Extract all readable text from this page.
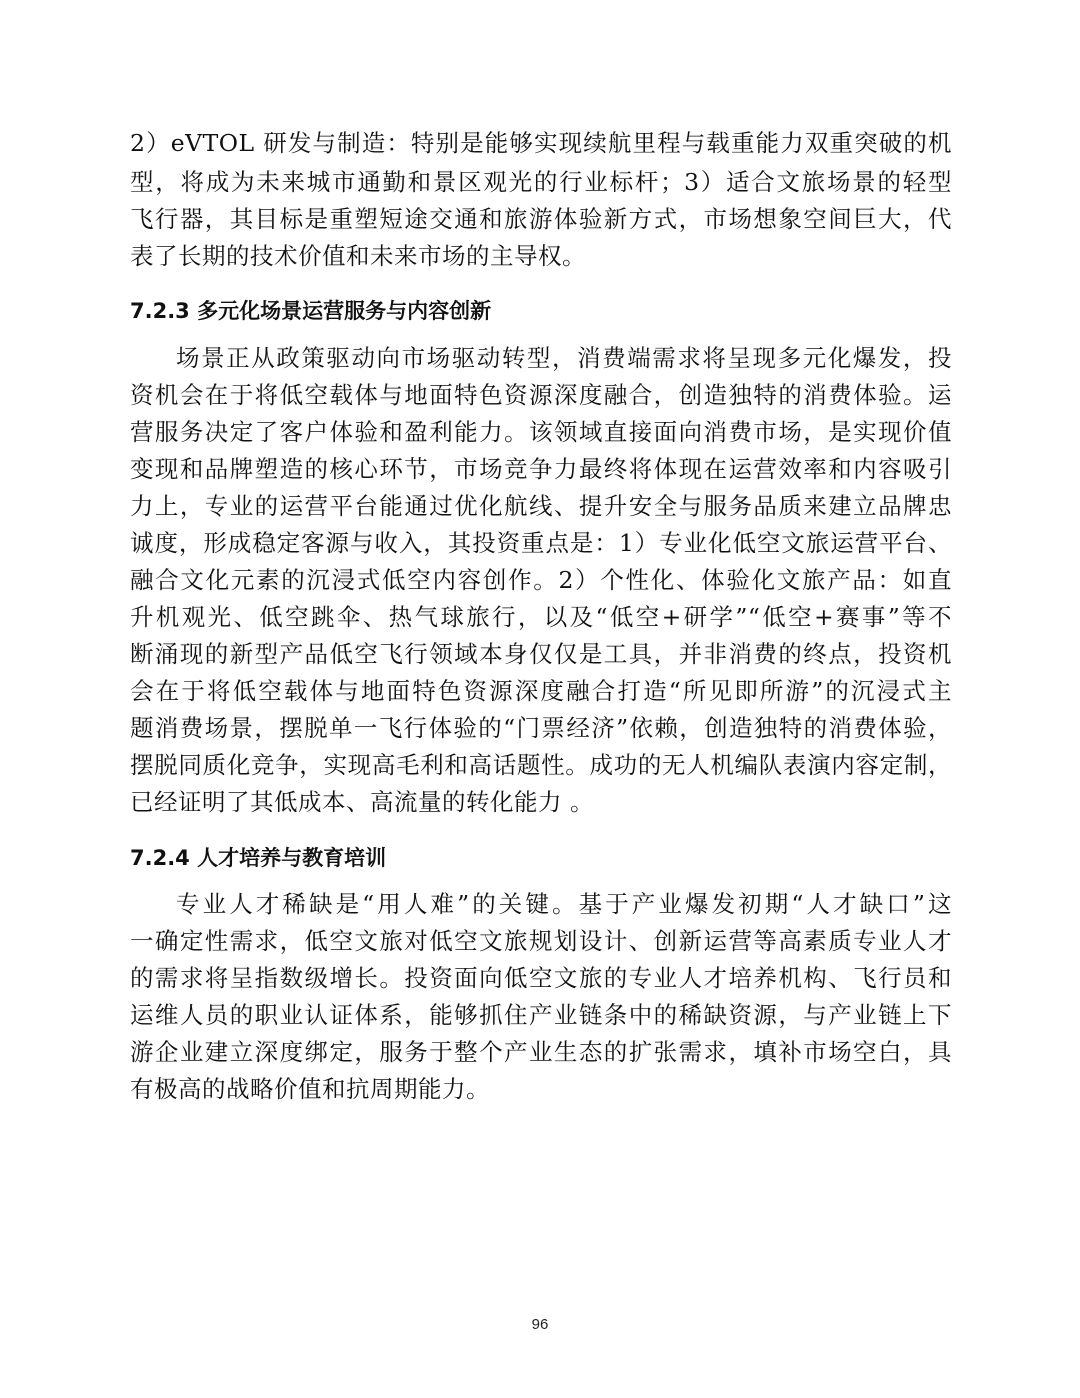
2）eVTOL 研发与制造：特别是能够实现续航里程与载重能力双重突破的机
型，将成为未来城市通勤和景区观光的行业标杆；3）适合文旅场景的轻型
飞行器，其目标是重塑短途交通和旅游体验新方式，市场想象空间巨大，代
表了长期的技术价值和未来市场的主导权。
7.2.3 多元化场景运营服务与内容创新
场景正从政策驱动向市场驱动转型，消费端需求将呈现多元化爆发，投
资机会在于将低空载体与地面特色资源深度融合，创造独特的消费体验。运
营服务决定了客户体验和盈利能力。该领域直接面向消费市场，是实现价值
变现和品牌塑造的核心环节，市场竞争力最终将体现在运营效率和内容吸引
力上，专业的运营平台能通过优化航线、提升安全与服务品质来建立品牌忠
诚度，形成稳定客源与收入，其投资重点是：1）专业化低空文旅运营平台、
融合文化元素的沉浸式低空内容创作。2）个性化、体验化文旅产品：如直
升机观光、低空跳伞、热气球旅行，以及“低空+研学”“低空+赛事”等不
断涌现的新型产品低空飞行领域本身仅仅是工具，并非消费的终点，投资机
会在于将低空载体与地面特色资源深度融合打造“所见即所游”的沉浸式主
题消费场景，摆脱单一飞行体验的“门票经济”依赖，创造独特的消费体验，
摆脱同质化竞争，实现高毛利和高话题性。成功的无人机编队表演内容定制，
已经证明了其低成本、高流量的转化能力 。
7.2.4 人才培养与教育培训
专业人才稀缺是“用人难”的关键。基于产业爆发初期“人才缺口”这
一确定性需求，低空文旅对低空文旅规划设计、创新运营等高素质专业人才
的需求将呈指数级增长。投资面向低空文旅的专业人才培养机构、飞行员和
运维人员的职业认证体系，能够抓住产业链条中的稀缺资源，与产业链上下
游企业建立深度绑定，服务于整个产业生态的扩张需求，填补市场空白，具
有极高的战略价值和抗周期能力。
96
